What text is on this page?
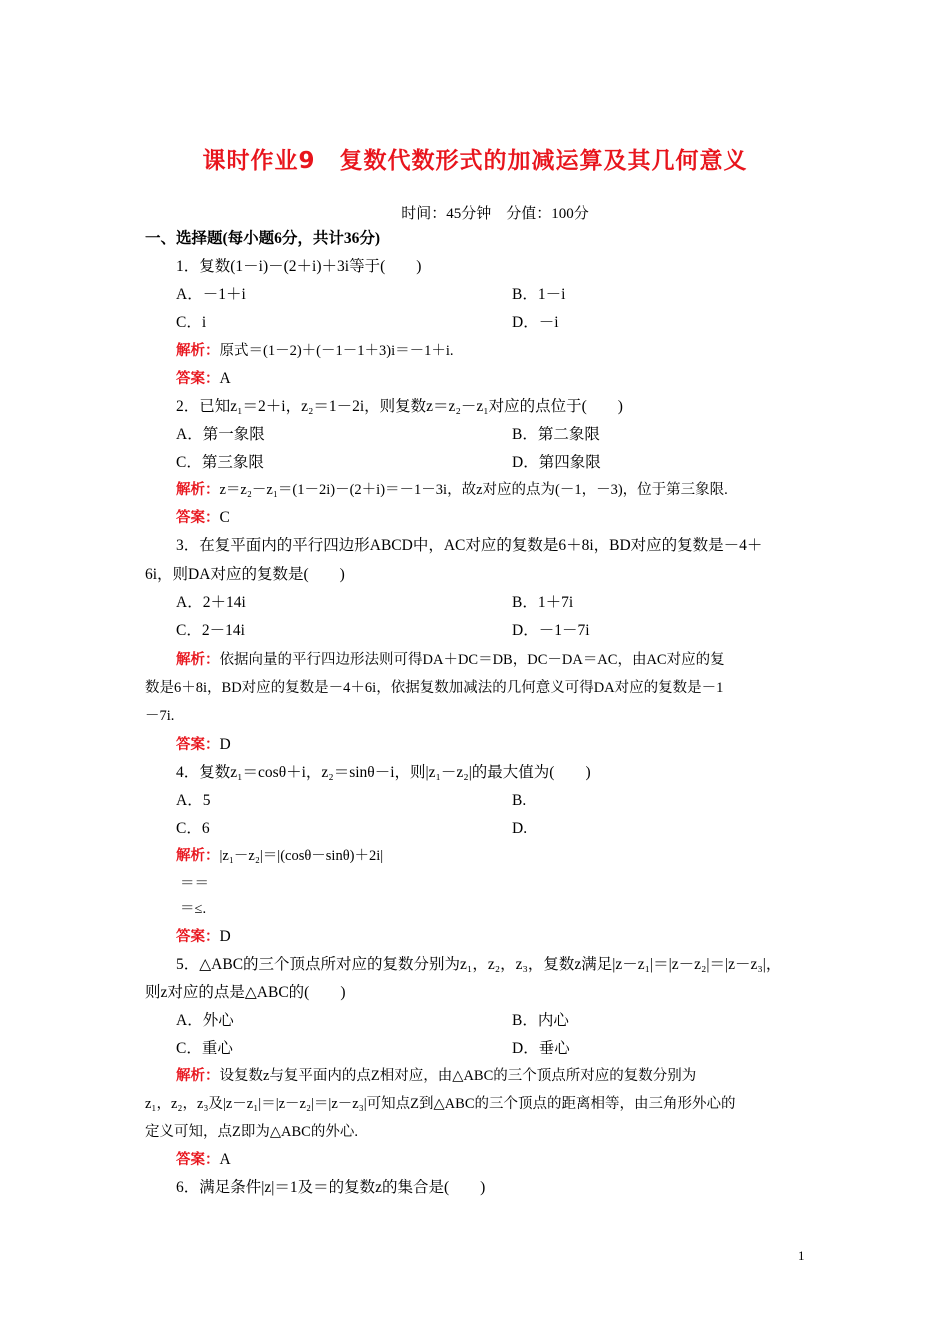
课时作业9　复数代数形式的加减运算及其几何意义
时间：45分钟　分值：100分
一、选择题(每小题6分，共计36分)
1．复数(1－i)－(2＋i)＋3i等于(　　)
A．－1＋i	B．1－i
C．i	D．－i
解析：原式＝(1－2)＋(－1－1＋3)i＝－1＋i.
答案：A
2．已知z₁＝2＋i，z₂＝1－2i，则复数z＝z₂－z₁对应的点位于(　　)
A．第一象限	B．第二象限
C．第三象限	D．第四象限
解析：z＝z₂－z₁＝(1－2i)－(2＋i)＝－1－3i，故z对应的点为(－1，－3)，位于第三象限.
答案：C
3．在复平面内的平行四边形ABCD中，AC对应的复数是6＋8i，BD对应的复数是－4＋
6i，则DA对应的复数是(　　)
A．2＋14i	B．1＋7i
C．2－14i	D．－1－7i
解析：依据向量的平行四边形法则可得DA＋DC＝DB，DC－DA＝AC，由AC对应的复
数是6＋8i，BD对应的复数是－4＋6i，依据复数加减法的几何意义可得DA对应的复数是－1
－7i.
答案：D
4．复数z₁＝cosθ＋i，z₂＝sinθ－i，则|z₁－z₂|的最大值为(　　)
A．5	B.
C．6	D.
解析：|z₁－z₂|＝|(cosθ－sinθ)＋2i|
＝＝
＝≤.
答案：D
5．△ABC的三个顶点所对应的复数分别为z₁，z₂，z₃，复数z满足|z－z₁|＝|z－z₂|＝|z－z₃|，
则z对应的点是△ABC的(　　)
A．外心	B．内心
C．重心	D．垂心
解析：设复数z与复平面内的点Z相对应，由△ABC的三个顶点所对应的复数分别为
z₁，z₂，z₃及|z－z₁|＝|z－z₂|＝|z－z₃|可知点Z到△ABC的三个顶点的距离相等，由三角形外心的
定义可知，点Z即为△ABC的外心.
答案：A
6．满足条件|z|＝1及＝的复数z的集合是(　　)
1
